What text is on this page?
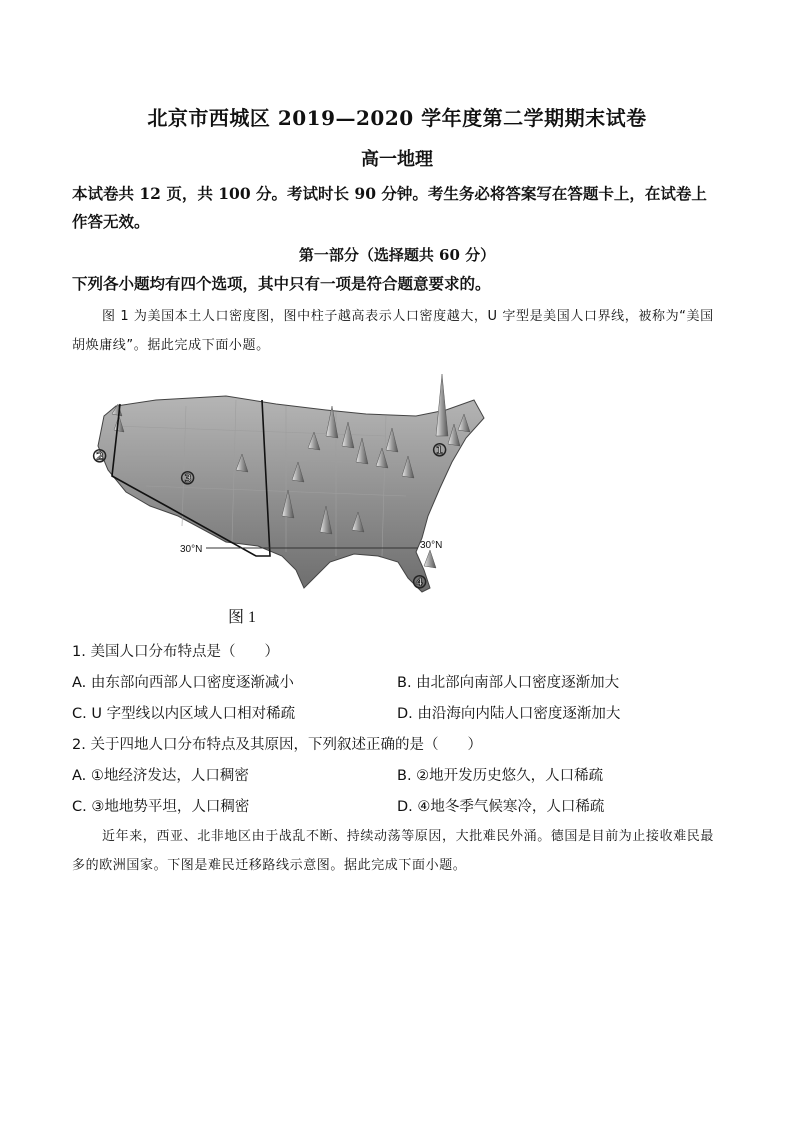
北京市西城区 2019—2020 学年度第二学期期末试卷
高一地理
本试卷共 12 页，共 100 分。考试时长 90 分钟。考生务必将答案写在答题卡上，在试卷上作答无效。
第一部分（选择题共 60 分）
下列各小题均有四个选项，其中只有一项是符合题意要求的。
图 1 为美国本土人口密度图，图中柱子越高表示人口密度越大，U 字型是美国人口界线，被称为“美国胡焕庸线”。据此完成下面小题。
30°N	30°N
①
②
③
④
图 1
1. 美国人口分布特点是（　　）
A. 由东部向西部人口密度逐渐减小	B. 由北部向南部人口密度逐渐加大
C. U 字型线以内区域人口相对稀疏	D. 由沿海向内陆人口密度逐渐加大
2. 关于四地人口分布特点及其原因，下列叙述正确的是（　　）
A. ①地经济发达，人口稠密	B. ②地开发历史悠久，人口稀疏
C. ③地地势平坦，人口稠密	D. ④地冬季气候寒冷，人口稀疏
近年来，西亚、北非地区由于战乱不断、持续动荡等原因，大批难民外涌。德国是目前为止接收难民最多的欧洲国家。下图是难民迁移路线示意图。据此完成下面小题。
